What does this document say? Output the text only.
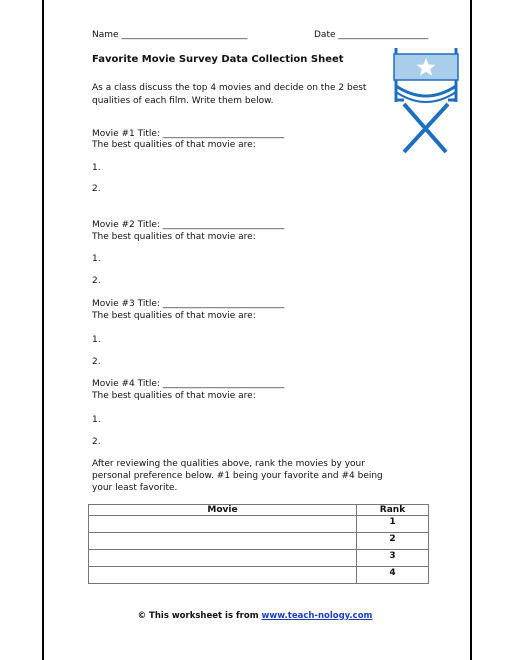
Name ____________________________	Date ____________________
Favorite Movie Survey Data Collection Sheet
As a class discuss the top 4 movies and decide on the 2 best qualities of each film. Write them below.
Movie #1 Title: ___________________________
The best qualities of that movie are:
1.
2.
Movie #2 Title: ___________________________
The best qualities of that movie are:
1.
2.
Movie #3 Title: ___________________________
The best qualities of that movie are:
1.
2.
Movie #4 Title: ___________________________
The best qualities of that movie are:
1.
2.
After reviewing the qualities above, rank the movies by your personal preference below. #1 being your favorite and #4 being your least favorite.
Movie	Rank
	1
	2
	3
	4
© This worksheet is from www.teach-nology.com
